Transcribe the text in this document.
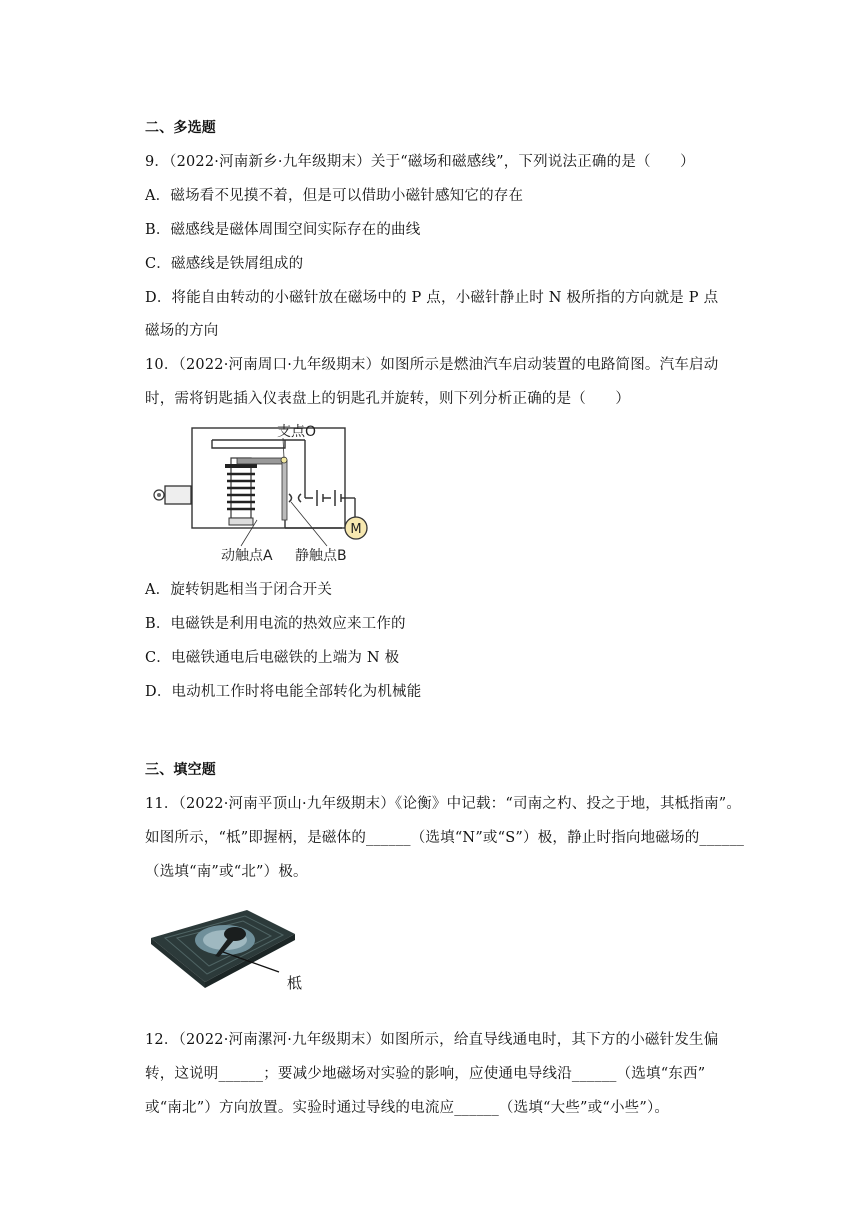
二、多选题
9．（2022·河南新乡·九年级期末）关于“磁场和磁感线”，下列说法正确的是（　　）
A．磁场看不见摸不着，但是可以借助小磁针感知它的存在
B．磁感线是磁体周围空间实际存在的曲线
C．磁感线是铁屑组成的
D．将能自由转动的小磁针放在磁场中的 P 点，小磁针静止时 N 极所指的方向就是 P 点
磁场的方向
10．（2022·河南周口·九年级期末）如图所示是燃油汽车启动装置的电路简图。汽车启动
时，需将钥匙插入仪表盘上的钥匙孔并旋转，则下列分析正确的是（　　）
M
支点O
动触点A 静触点B
A．旋转钥匙相当于闭合开关
B．电磁铁是利用电流的热效应来工作的
C．电磁铁通电后电磁铁的上端为 N 极
D．电动机工作时将电能全部转化为机械能
三、填空题
11．（2022·河南平顶山·九年级期末）《论衡》中记载：“司南之杓、投之于地，其柢指南”。
如图所示，“柢”即握柄，是磁体的______（选填“N”或“S”）极，静止时指向地磁场的______
（选填“南”或“北”）极。
柢
12．（2022·河南漯河·九年级期末）如图所示，给直导线通电时，其下方的小磁针发生偏
转，这说明______；要减少地磁场对实验的影响，应使通电导线沿______（选填“东西”
或“南北”）方向放置。实验时通过导线的电流应______（选填“大些”或“小些”）。
